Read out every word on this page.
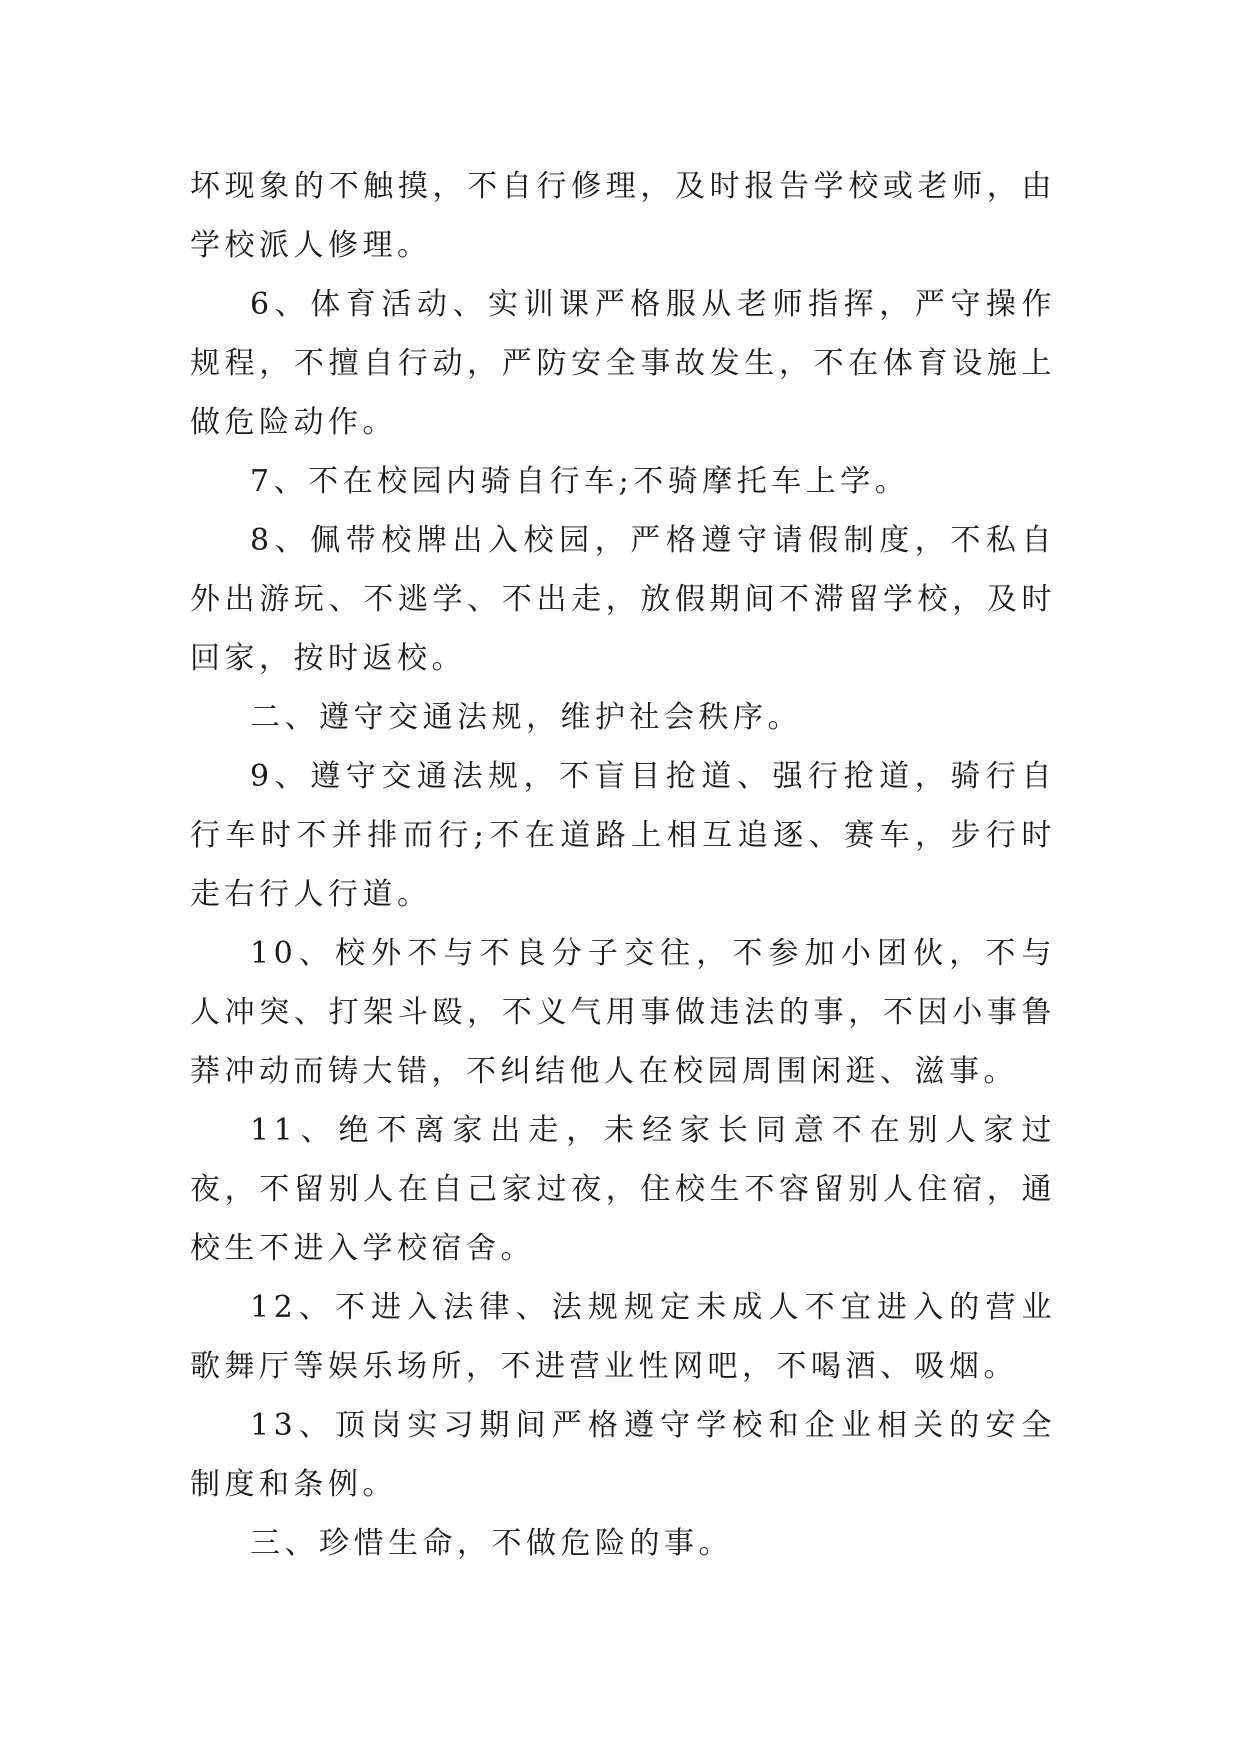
坏现象的不触摸，不自行修理，及时报告学校或老师，由学校派人修理。

6、体育活动、实训课严格服从老师指挥，严守操作规程，不擅自行动，严防安全事故发生，不在体育设施上做危险动作。

7、不在校园内骑自行车;不骑摩托车上学。

8、佩带校牌出入校园，严格遵守请假制度，不私自外出游玩、不逃学、不出走，放假期间不滞留学校，及时回家，按时返校。

二、遵守交通法规，维护社会秩序。

9、遵守交通法规，不盲目抢道、强行抢道，骑行自行车时不并排而行;不在道路上相互追逐、赛车，步行时走右行人行道。

10、校外不与不良分子交往，不参加小团伙，不与人冲突、打架斗殴，不义气用事做违法的事，不因小事鲁莽冲动而铸大错，不纠结他人在校园周围闲逛、滋事。

11、绝不离家出走，未经家长同意不在别人家过夜，不留别人在自己家过夜，住校生不容留别人住宿，通校生不进入学校宿舍。

12、不进入法律、法规规定未成人不宜进入的营业歌舞厅等娱乐场所，不进营业性网吧，不喝酒、吸烟。

13、顶岗实习期间严格遵守学校和企业相关的安全制度和条例。

三、珍惜生命，不做危险的事。
